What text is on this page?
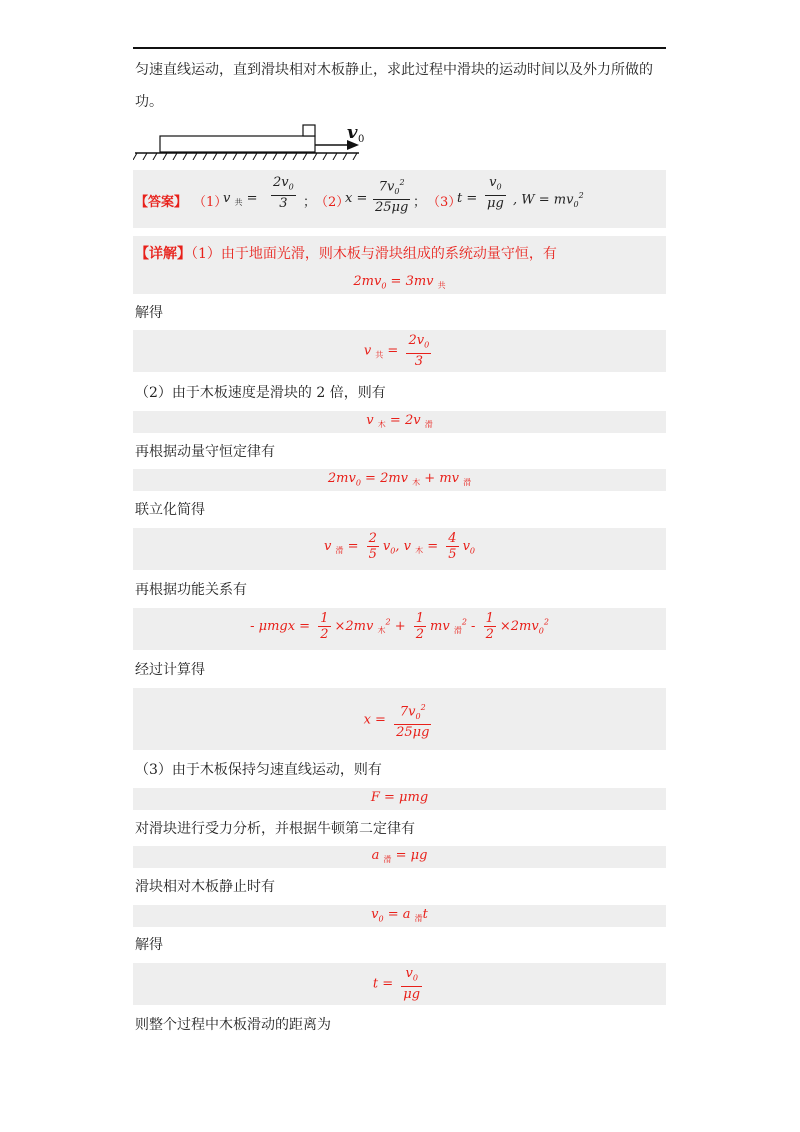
匀速直线运动，直到滑块相对木板静止，求此过程中滑块的运动时间以及外力所做的
功。
v 0
【答案】 （1）
v $_共 = \frac{2v_0}{3}$ ；
（2）
$x = \frac{7v_0^2}{25\mu g}$ ； （3）
$t = \frac{v_0}{\mu g}$ , $W = mv_0^2$
【详解】（1）由于地面光滑，则木板与滑块组成的系统动量守恒，有
$2mv_0 = 3mv$ $_共$
解得
v $_共 = \frac{2v_0}{3}$
（2）由于木板速度是滑块的 2 倍，则有
v $_木$ = 2v $_滑$
再根据动量守恒定律有
$2mv_0 = 2mv$ $_木$ + mv $_滑$
联立化简得
v $_滑 = \frac{2}{5} v_0$, v $_木 = \frac{4}{5} v_0$
再根据功能关系有
- $\mu mgx = \frac{1}{2} \times 2mv$ $_木^2 + \frac{1}{2}$ mv $_滑^2 - \frac{1}{2} \times 2mv_0^2$
经过计算得
$x = \frac{7v_0^2}{25\mu g}$
（3）由于木板保持匀速直线运动，则有
F = μmg
对滑块进行受力分析，并根据牛顿第二定律有
a $_滑$ = μg
滑块相对木板静止时有
$v_0 = a$ $_滑$t
解得
$t = \frac{v_0}{\mu g}$
则整个过程中木板滑动的距离为
